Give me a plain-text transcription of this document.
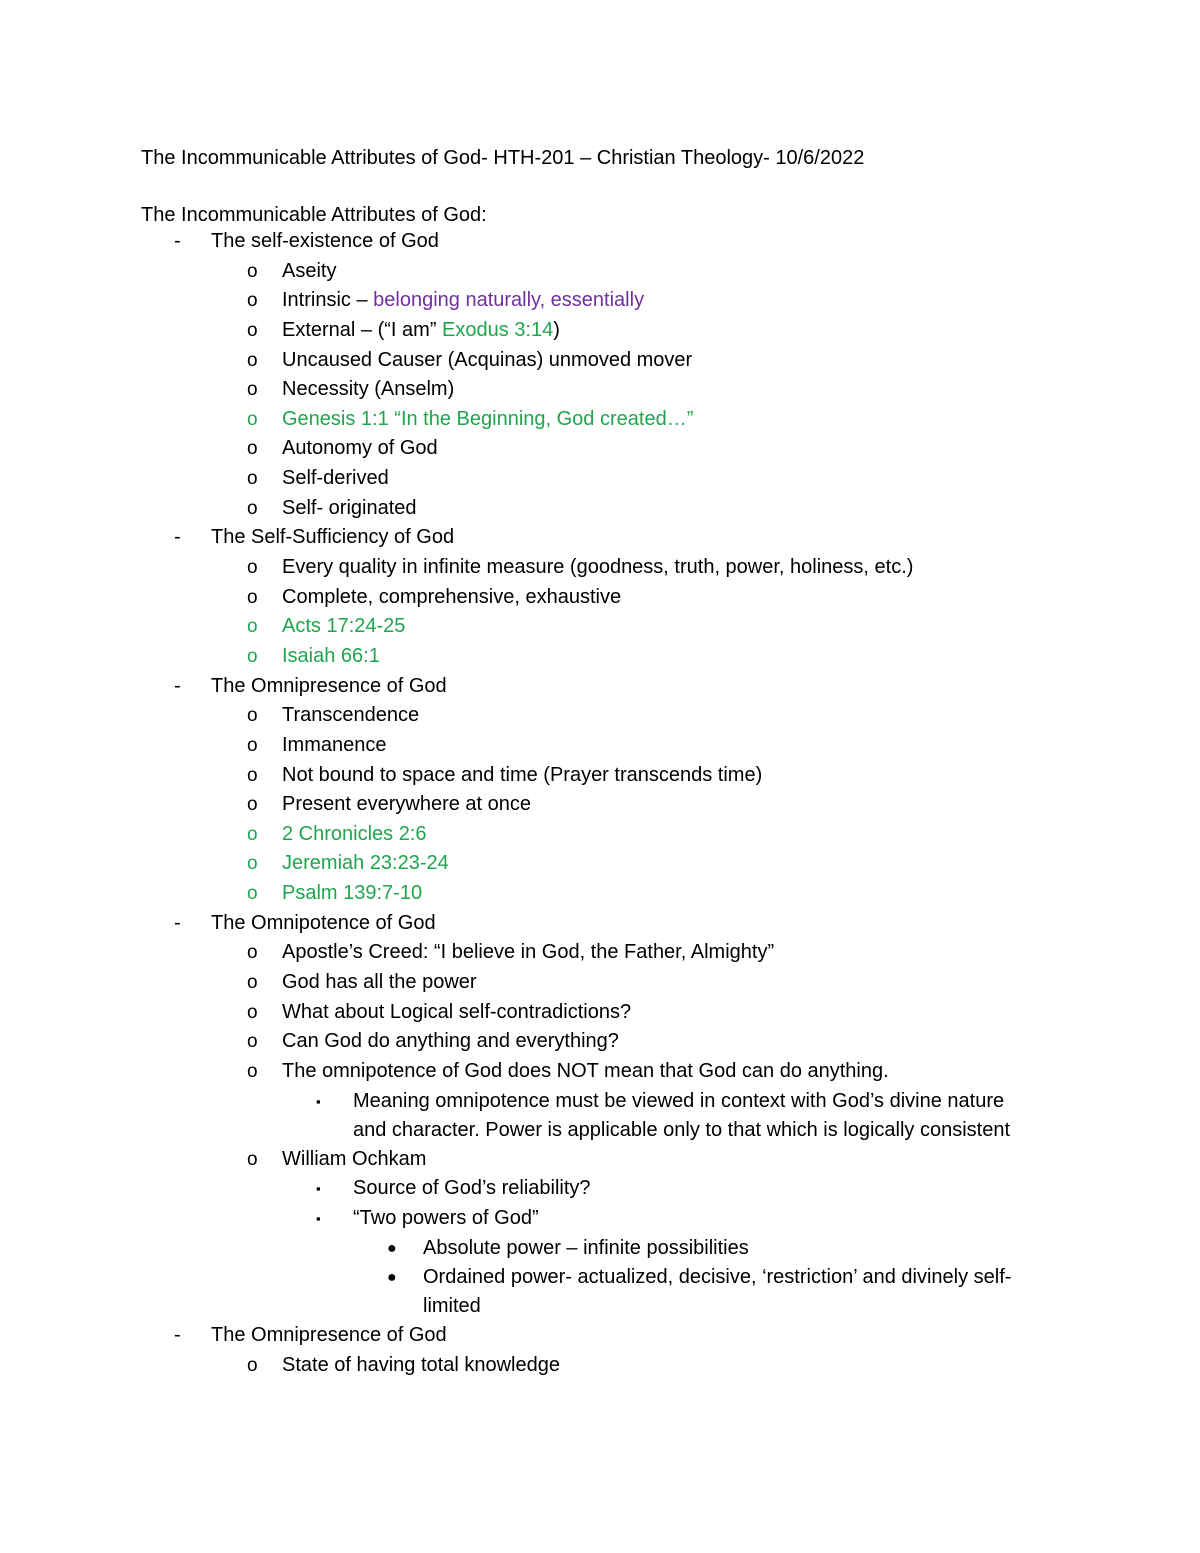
The Incommunicable Attributes of God- HTH-201 – Christian Theology- 10/6/2022
The Incommunicable Attributes of God:
- The self-existence of God
o Aseity
o Intrinsic – belonging naturally, essentially
o External – (“I am” Exodus 3:14)
o Uncaused Causer (Acquinas) unmoved mover
o Necessity (Anselm)
o Genesis 1:1 “In the Beginning, God created…”
o Autonomy of God
o Self-derived
o Self- originated
- The Self-Sufficiency of God
o Every quality in infinite measure (goodness, truth, power, holiness, etc.)
o Complete, comprehensive, exhaustive
o Acts 17:24-25
o Isaiah 66:1
- The Omnipresence of God
o Transcendence
o Immanence
o Not bound to space and time (Prayer transcends time)
o Present everywhere at once
o 2 Chronicles 2:6
o Jeremiah 23:23-24
o Psalm 139:7-10
- The Omnipotence of God
o Apostle’s Creed: “I believe in God, the Father, Almighty”
o God has all the power
o What about Logical self-contradictions?
o Can God do anything and everything?
o The omnipotence of God does NOT mean that God can do anything.
▪ Meaning omnipotence must be viewed in context with God’s divine nature and character. Power is applicable only to that which is logically consistent
o William Ochkam
▪ Source of God’s reliability?
▪ “Two powers of God”
● Absolute power – infinite possibilities
● Ordained power- actualized, decisive, ‘restriction’ and divinely self-limited
- The Omnipresence of God
o State of having total knowledge
